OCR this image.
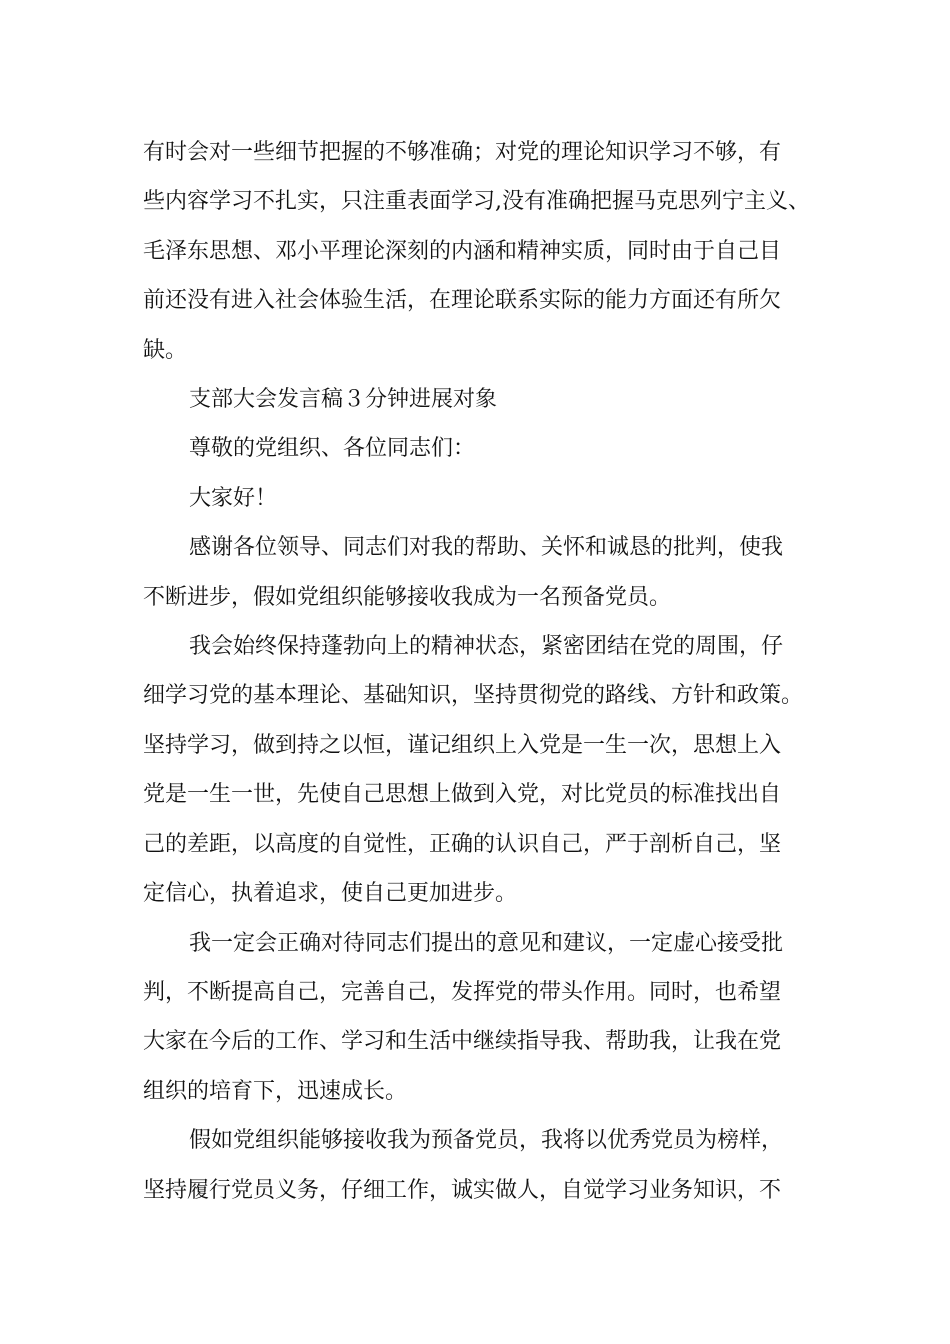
有时会对一些细节把握的不够准确；对党的理论知识学习不够，有
些内容学习不扎实，只注重表面学习,没有准确把握马克思列宁主义、
毛泽东思想、邓小平理论深刻的内涵和精神实质，同时由于自己目
前还没有进入社会体验生活，在理论联系实际的能力方面还有所欠
缺。

支部大会发言稿３分钟进展对象

尊敬的党组织、各位同志们：

大家好！

感谢各位领导、同志们对我的帮助、关怀和诚恳的批判，使我
不断进步，假如党组织能够接收我成为一名预备党员。

我会始终保持蓬勃向上的精神状态，紧密团结在党的周围，仔
细学习党的基本理论、基础知识，坚持贯彻党的路线、方针和政策。
坚持学习，做到持之以恒，谨记组织上入党是一生一次，思想上入
党是一生一世，先使自己思想上做到入党，对比党员的标准找出自
己的差距，以高度的自觉性，正确的认识自己，严于剖析自己，坚
定信心，执着追求，使自己更加进步。

我一定会正确对待同志们提出的意见和建议，一定虚心接受批
判，不断提高自己，完善自己，发挥党的带头作用。同时，也希望
大家在今后的工作、学习和生活中继续指导我、帮助我，让我在党
组织的培育下，迅速成长。

假如党组织能够接收我为预备党员，我将以优秀党员为榜样，
坚持履行党员义务，仔细工作，诚实做人，自觉学习业务知识，不
